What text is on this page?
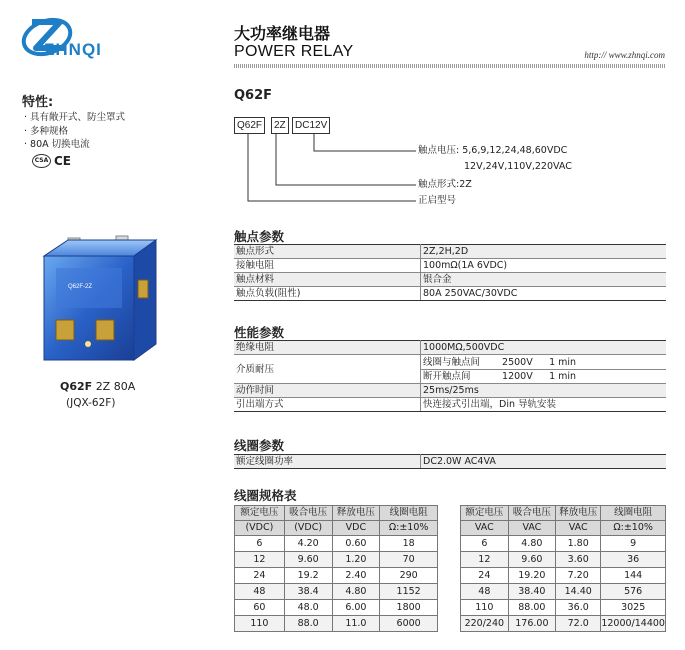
ZHNQI
大功率继电器
POWER RELAY	http:// www.zhnqi.com
特性:
· 具有敞开式、防尘罩式
· 多种规格
· 80A 切换电流
CSA CE
Q62F-2Z
Q62F 2Z 80A
(JQX-62F)
Q62F
Q62F	2Z DC12V
触点电压: 5,6,9,12,24,48,60VDC
12V,24V,110V,220VAC
触点形式:2Z
正启型号
触点参数
触点形式	2Z,2H,2D
接触电阻	100mΩ(1A 6VDC)
触点材料	银合金
触点负载(阻性)	80A 250VAC/30VDC
性能参数
绝缘电阻	1000MΩ,500VDC
介质耐压	线圈与触点间 2500V 1 min
断开触点间 1200V 1 min

动作时间	25ms/25ms
引出端方式	快连接式引出端，Din 导轨安装
线圈参数
额定线圈功率	DC2.0W AC4VA
线圈规格表
额定电压	吸合电压	释放电压	线圈电阻
(VDC)	(VDC)	VDC	Ω:±10%
6	4.20	0.60	18
12	9.60	1.20	70
24	19.2	2.40	290
48	38.4	4.80	1152
60	48.0	6.00	1800
110	88.0	11.0	6000
额定电压	吸合电压	释放电压	线圈电阻
VAC	VAC	VAC	Ω:±10%
6	4.80	1.80	9
12	9.60	3.60	36
24	19.20	7.20	144
48	38.40	14.40	576
110	88.00	36.0	3025
220/240	176.00	72.0	12000/14400
